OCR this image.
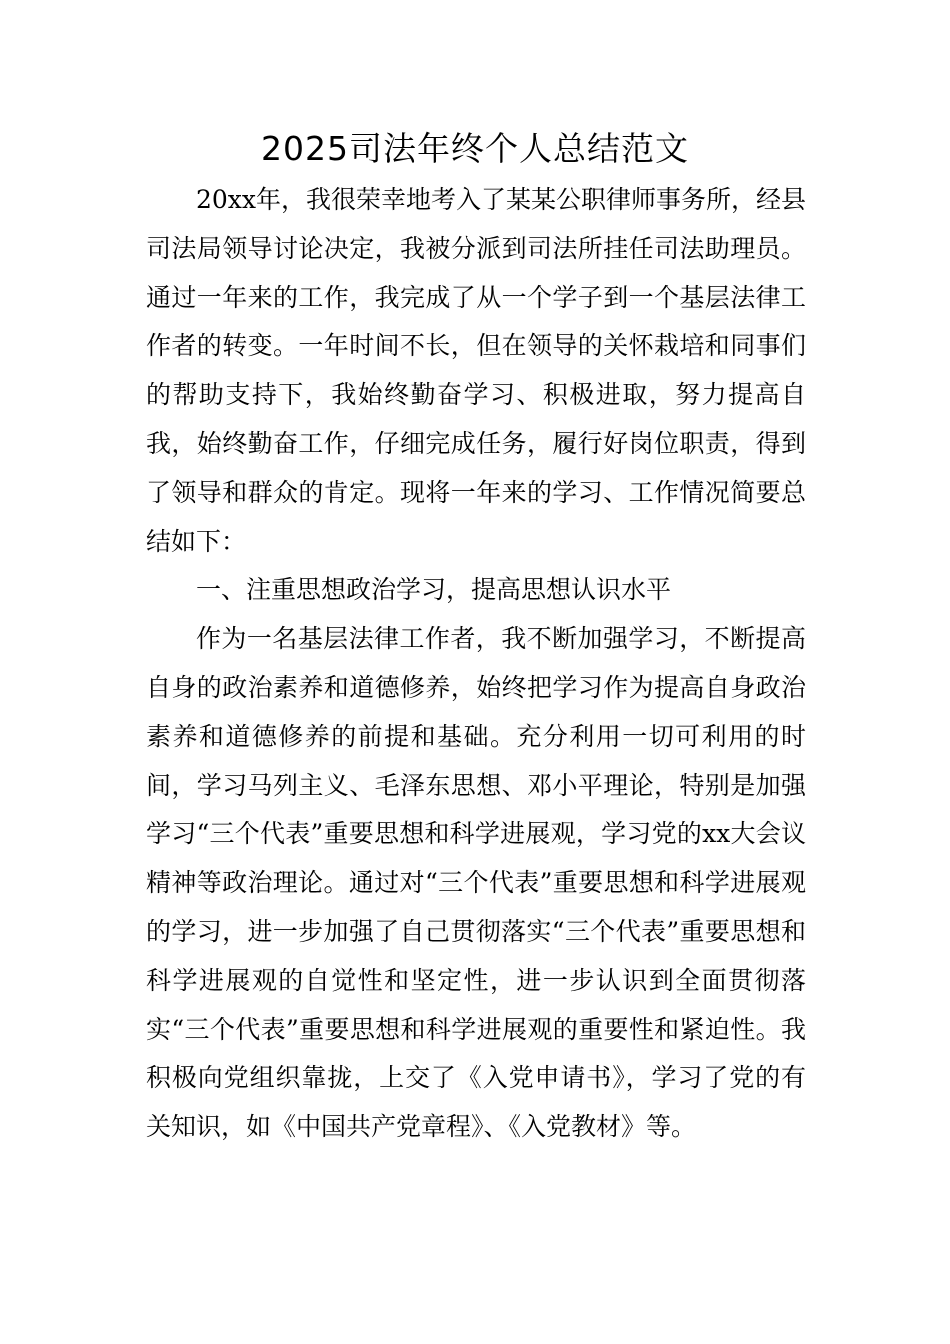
2025司法年终个人总结范文

20xx年，我很荣幸地考入了某某公职律师事务所，经县司法局领导讨论决定，我被分派到司法所挂任司法助理员。通过一年来的工作，我完成了从一个学子到一个基层法律工作者的转变。一年时间不长，但在领导的关怀栽培和同事们的帮助支持下，我始终勤奋学习、积极进取，努力提高自我，始终勤奋工作，仔细完成任务，履行好岗位职责，得到了领导和群众的肯定。现将一年来的学习、工作情况简要总结如下：

一、注重思想政治学习，提高思想认识水平

作为一名基层法律工作者，我不断加强学习，不断提高自身的政治素养和道德修养，始终把学习作为提高自身政治素养和道德修养的前提和基础。充分利用一切可利用的时间，学习马列主义、毛泽东思想、邓小平理论，特别是加强学习“三个代表”重要思想和科学进展观，学习党的xx大会议精神等政治理论。通过对“三个代表”重要思想和科学进展观的学习，进一步加强了自己贯彻落实“三个代表”重要思想和科学进展观的自觉性和坚定性，进一步认识到全面贯彻落实“三个代表”重要思想和科学进展观的重要性和紧迫性。我积极向党组织靠拢，上交了《入党申请书》，学习了党的有关知识，如《中国共产党章程》、《入党教材》等。
